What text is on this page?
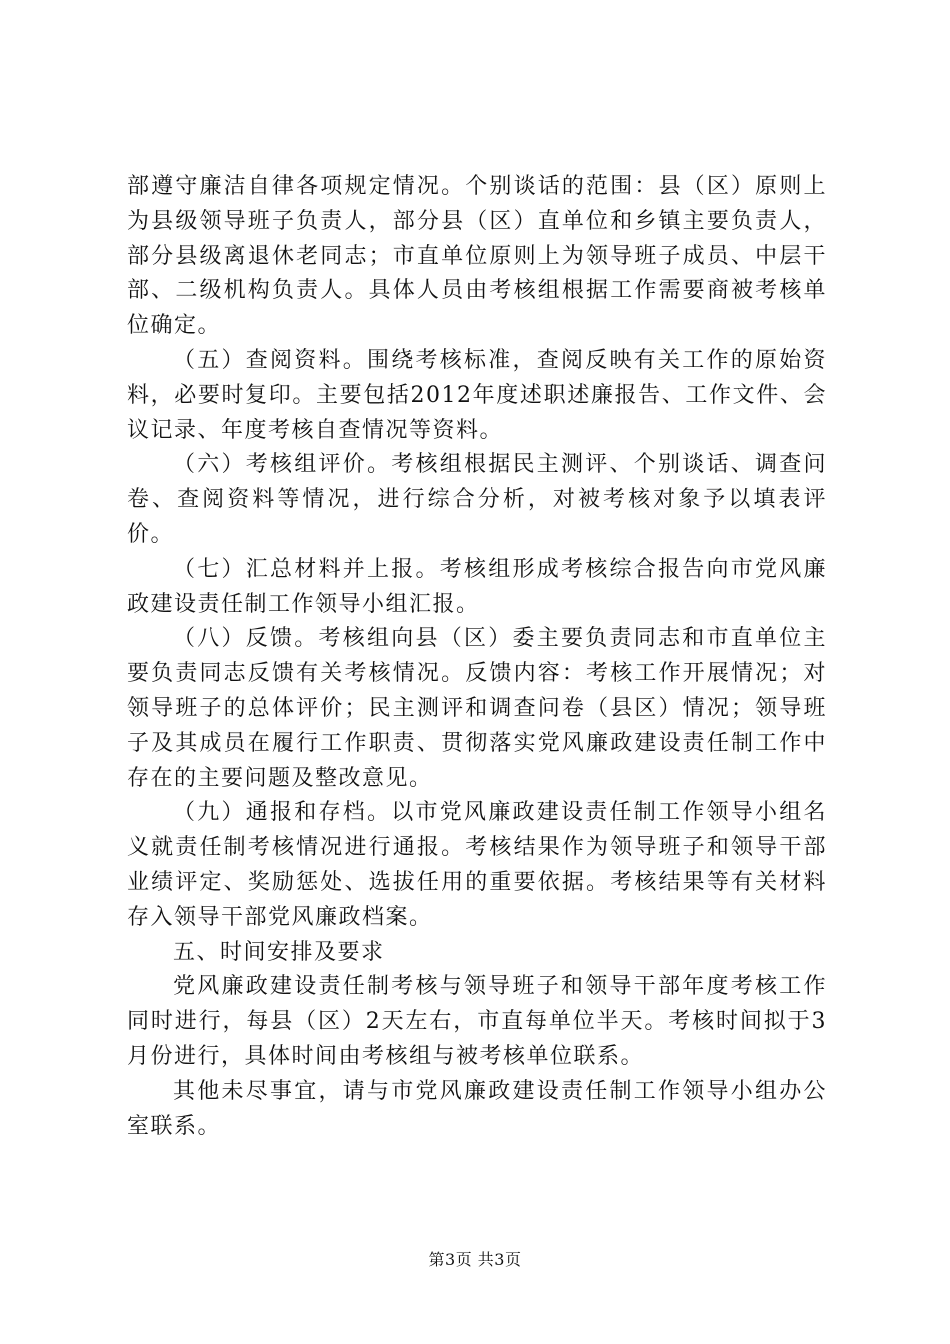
部遵守廉洁自律各项规定情况。个别谈话的范围：县（区）原则上为县级领导班子负责人，部分县（区）直单位和乡镇主要负责人，部分县级离退休老同志；市直单位原则上为领导班子成员、中层干部、二级机构负责人。具体人员由考核组根据工作需要商被考核单位确定。

（五）查阅资料。围绕考核标准，查阅反映有关工作的原始资料，必要时复印。主要包括2012年度述职述廉报告、工作文件、会议记录、年度考核自查情况等资料。

（六）考核组评价。考核组根据民主测评、个别谈话、调查问卷、查阅资料等情况，进行综合分析，对被考核对象予以填表评价。

（七）汇总材料并上报。考核组形成考核综合报告向市党风廉政建设责任制工作领导小组汇报。

（八）反馈。考核组向县（区）委主要负责同志和市直单位主要负责同志反馈有关考核情况。反馈内容：考核工作开展情况；对领导班子的总体评价；民主测评和调查问卷（县区）情况；领导班子及其成员在履行工作职责、贯彻落实党风廉政建设责任制工作中存在的主要问题及整改意见。

（九）通报和存档。以市党风廉政建设责任制工作领导小组名义就责任制考核情况进行通报。考核结果作为领导班子和领导干部业绩评定、奖励惩处、选拔任用的重要依据。考核结果等有关材料存入领导干部党风廉政档案。

五、时间安排及要求

党风廉政建设责任制考核与领导班子和领导干部年度考核工作同时进行，每县（区）2天左右，市直每单位半天。考核时间拟于3月份进行，具体时间由考核组与被考核单位联系。

其他未尽事宜，请与市党风廉政建设责任制工作领导小组办公室联系。

第3页 共3页
